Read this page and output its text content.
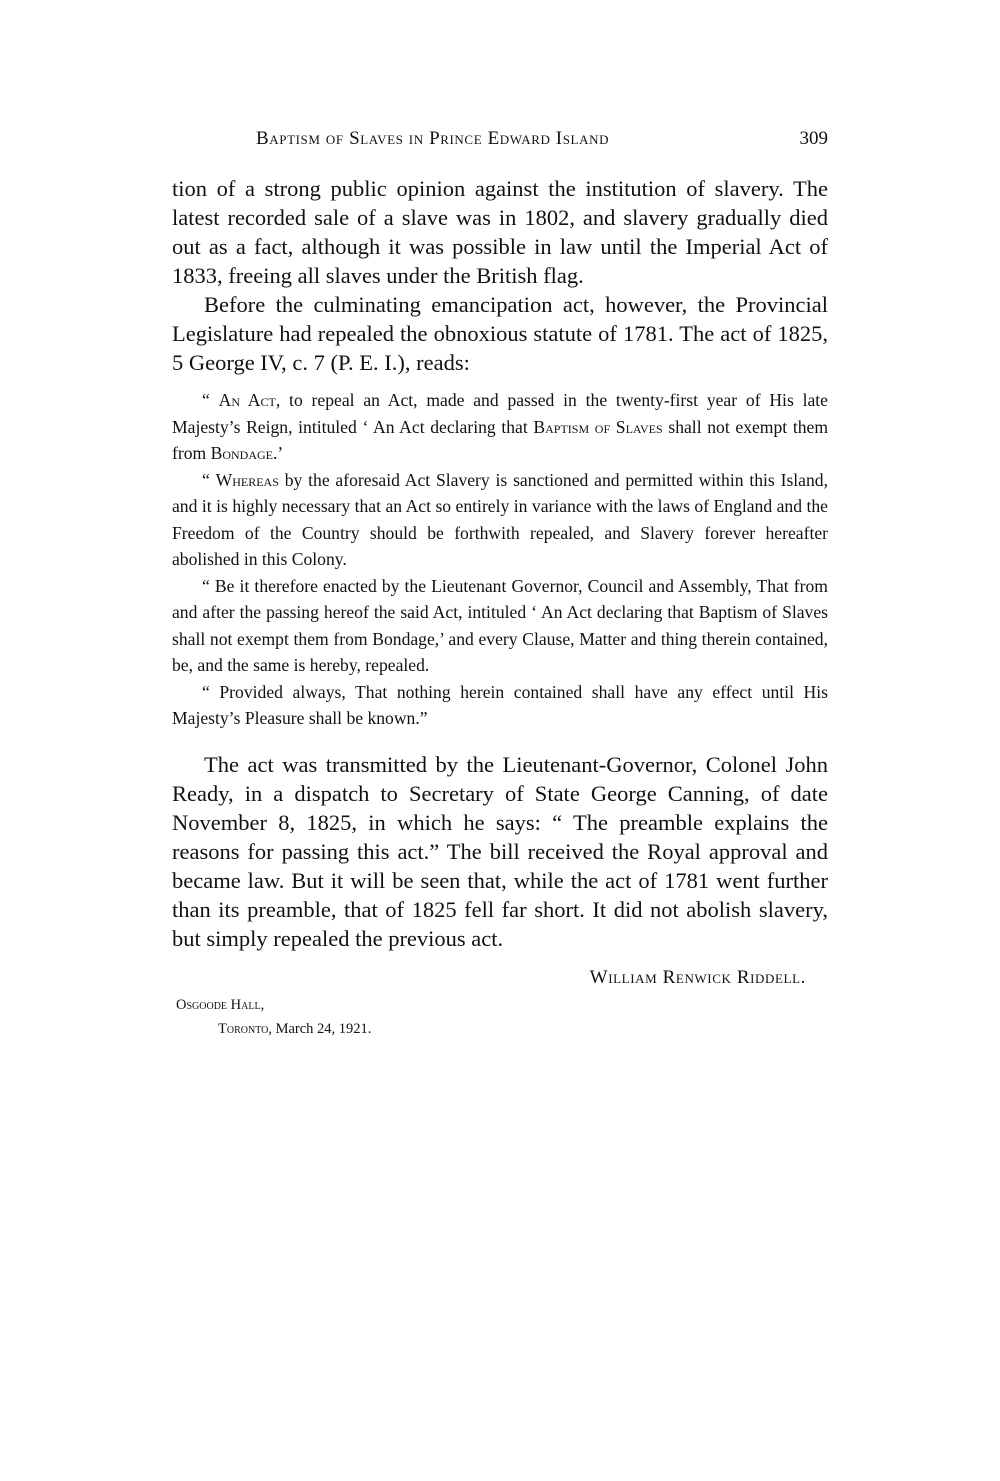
Baptism of Slaves in Prince Edward Island	309

tion of a strong public opinion against the institution of slavery. The latest recorded sale of a slave was in 1802, and slavery gradually died out as a fact, although it was possible in law until the Imperial Act of 1833, freeing all slaves under the British flag.

Before the culminating emancipation act, however, the Provincial Legislature had repealed the obnoxious statute of 1781. The act of 1825, 5 George IV, c. 7 (P. E. I.), reads:

“ An Act, to repeal an Act, made and passed in the twenty-first year of His late Majesty’s Reign, intituled ‘ An Act declaring that Baptism of Slaves shall not exempt them from Bondage.’

“ Whereas by the aforesaid Act Slavery is sanctioned and permitted within this Island, and it is highly necessary that an Act so entirely in variance with the laws of England and the Freedom of the Country should be forthwith repealed, and Slavery forever hereafter abolished in this Colony.

“ Be it therefore enacted by the Lieutenant Governor, Council and Assembly, That from and after the passing hereof the said Act, intituled ‘ An Act declaring that Baptism of Slaves shall not exempt them from Bondage,’ and every Clause, Matter and thing therein contained, be, and the same is hereby, repealed.

“ Provided always, That nothing herein contained shall have any effect until His Majesty’s Pleasure shall be known.”

The act was transmitted by the Lieutenant-Governor, Colonel John Ready, in a dispatch to Secretary of State George Canning, of date November 8, 1825, in which he says: “ The preamble explains the reasons for passing this act.” The bill received the Royal approval and became law. But it will be seen that, while the act of 1781 went further than its preamble, that of 1825 fell far short. It did not abolish slavery, but simply repealed the previous act.

William Renwick Riddell.
Osgoode Hall,
Toronto, March 24, 1921.
